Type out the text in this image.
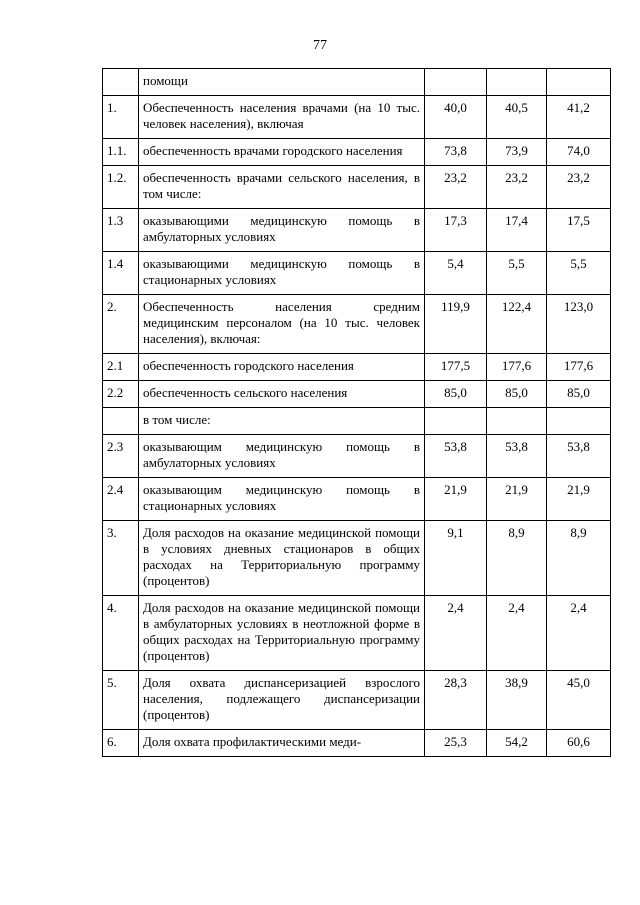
77
	помощи			
1.	Обеспеченность населения врачами (на 10 тыс. человек населения), включая	40,0	40,5	41,2
1.1.	обеспеченность врачами городского населения	73,8	73,9	74,0
1.2.	обеспеченность врачами сельского населения, в том числе:	23,2	23,2	23,2
1.3	оказывающими медицинскую помощь в амбулаторных условиях	17,3	17,4	17,5
1.4	оказывающими медицинскую помощь в стационарных условиях	5,4	5,5	5,5
2.	Обеспеченность населения средним медицинским персоналом (на 10 тыс. человек населения), включая:	119,9	122,4	123,0
2.1	обеспеченность городского населения	177,5	177,6	177,6
2.2	обеспеченность сельского населения	85,0	85,0	85,0
	в том числе:			
2.3	оказывающим медицинскую помощь в амбулаторных условиях	53,8	53,8	53,8
2.4	оказывающим медицинскую помощь в стационарных условиях	21,9	21,9	21,9
3.	Доля расходов на оказание медицинской помощи в условиях дневных стационаров в общих расходах на Территориальную программу (процентов)	9,1	8,9	8,9
4.	Доля расходов на оказание медицинской помощи в амбулаторных условиях в неотложной форме в общих расходах на Территориальную программу (процентов)	2,4	2,4	2,4
5.	Доля охвата диспансеризацией взрослого населения, подлежащего диспансеризации (процентов)	28,3	38,9	45,0
6.	Доля охвата профилактическими меди-	25,3	54,2	60,6
